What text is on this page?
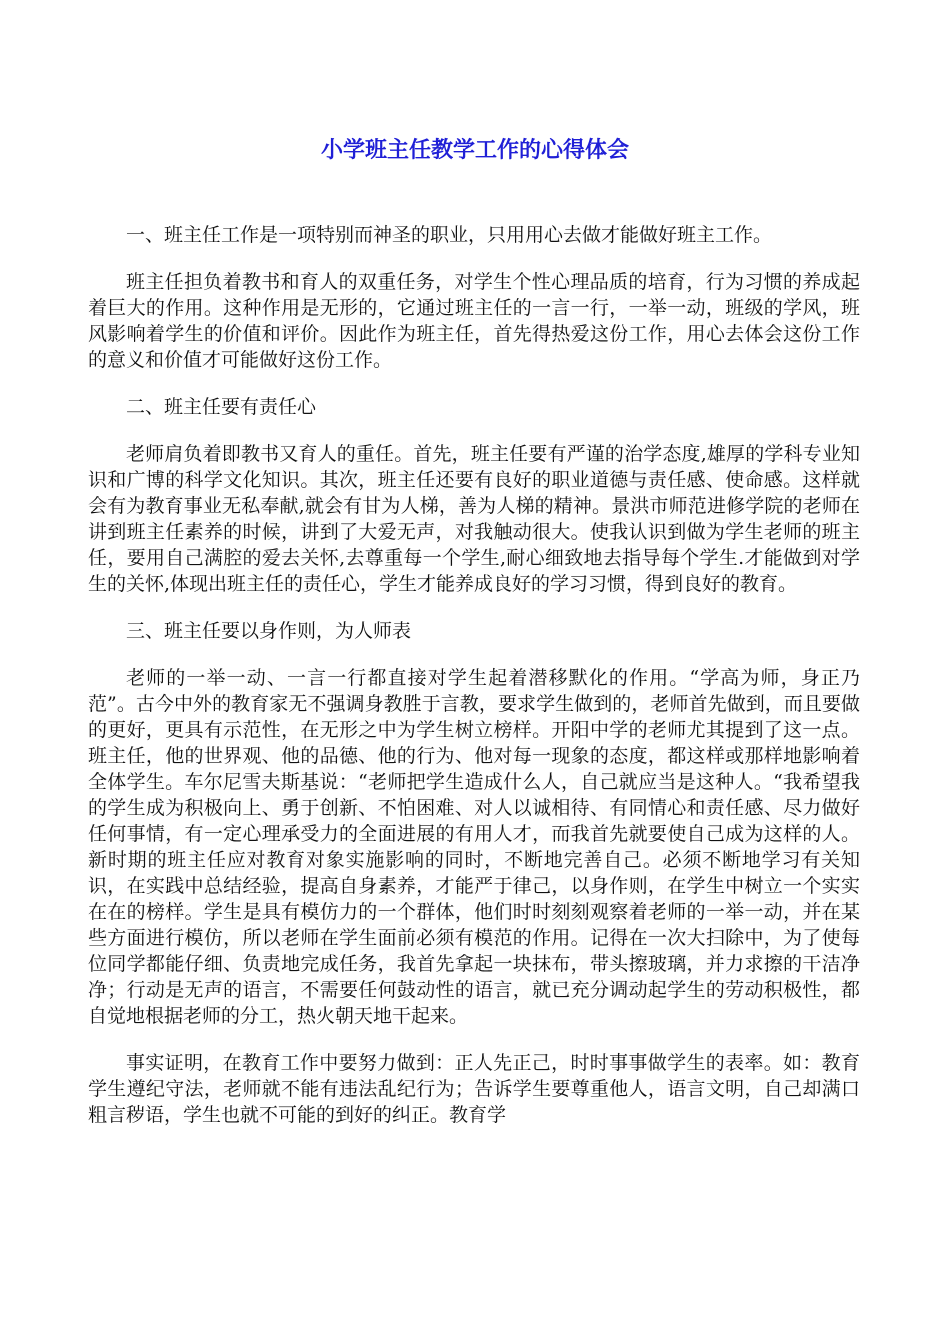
小学班主任教学工作的心得体会

一、班主任工作是一项特别而神圣的职业，只用用心去做才能做好班主工作。

班主任担负着教书和育人的双重任务，对学生个性心理品质的培育，行为习惯的养成起着巨大的作用。这种作用是无形的，它通过班主任的一言一行，一举一动，班级的学风，班风影响着学生的价值和评价。因此作为班主任，首先得热爱这份工作，用心去体会这份工作的意义和价值才可能做好这份工作。

二、班主任要有责任心

老师肩负着即教书又育人的重任。首先，班主任要有严谨的治学态度,雄厚的学科专业知识和广博的科学文化知识。其次，班主任还要有良好的职业道德与责任感、使命感。这样就会有为教育事业无私奉献,就会有甘为人梯，善为人梯的精神。景洪市师范进修学院的老师在讲到班主任素养的时候，讲到了大爱无声，对我触动很大。使我认识到做为学生老师的班主任，要用自己满腔的爱去关怀,去尊重每一个学生,耐心细致地去指导每个学生.才能做到对学生的关怀,体现出班主任的责任心，学生才能养成良好的学习习惯，得到良好的教育。

三、班主任要以身作则，为人师表

老师的一举一动、一言一行都直接对学生起着潜移默化的作用。“学高为师，身正乃范”。古今中外的教育家无不强调身教胜于言教，要求学生做到的，老师首先做到，而且要做的更好，更具有示范性，在无形之中为学生树立榜样。开阳中学的老师尤其提到了这一点。班主任，他的世界观、他的品德、他的行为、他对每一现象的态度，都这样或那样地影响着全体学生。车尔尼雪夫斯基说：“老师把学生造成什么人，自己就应当是这种人。“我希望我的学生成为积极向上、勇于创新、不怕困难、对人以诚相待、有同情心和责任感、尽力做好任何事情，有一定心理承受力的全面进展的有用人才，而我首先就要使自己成为这样的人。新时期的班主任应对教育对象实施影响的同时，不断地完善自己。必须不断地学习有关知识，在实践中总结经验，提高自身素养，才能严于律己，以身作则，在学生中树立一个实实在在的榜样。学生是具有模仿力的一个群体，他们时时刻刻观察着老师的一举一动，并在某些方面进行模仿，所以老师在学生面前必须有模范的作用。记得在一次大扫除中，为了使每位同学都能仔细、负责地完成任务，我首先拿起一块抹布，带头擦玻璃，并力求擦的干洁净净；行动是无声的语言，不需要任何鼓动性的语言，就已充分调动起学生的劳动积极性，都自觉地根据老师的分工，热火朝天地干起来。

事实证明，在教育工作中要努力做到：正人先正己，时时事事做学生的表率。如：教育学生遵纪守法，老师就不能有违法乱纪行为；告诉学生要尊重他人，语言文明，自己却满口粗言秽语，学生也就不可能的到好的纠正。教育学
